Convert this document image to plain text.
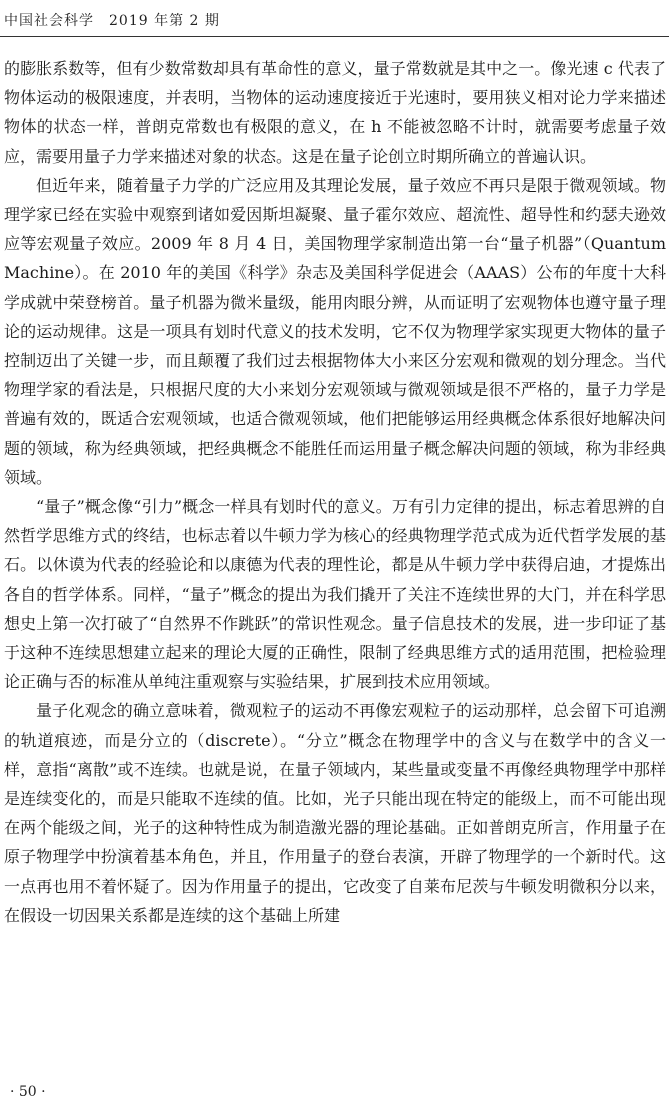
中国社会科学　2019 年第 2 期

的膨胀系数等，但有少数常数却具有革命性的意义，量子常数就是其中之一。像光速 c 代表了物体运动的极限速度，并表明，当物体的运动速度接近于光速时，要用狭义相对论力学来描述物体的状态一样，普朗克常数也有极限的意义，在 h 不能被忽略不计时，就需要考虑量子效应，需要用量子力学来描述对象的状态。这是在量子论创立时期所确立的普遍认识。

但近年来，随着量子力学的广泛应用及其理论发展，量子效应不再只是限于微观领域。物理学家已经在实验中观察到诸如爱因斯坦凝聚、量子霍尔效应、超流性、超导性和约瑟夫逊效应等宏观量子效应。2009 年 8 月 4 日，美国物理学家制造出第一台“量子机器”（Quantum Machine）。在 2010 年的美国《科学》杂志及美国科学促进会（AAAS）公布的年度十大科学成就中荣登榜首。量子机器为微米量级，能用肉眼分辨，从而证明了宏观物体也遵守量子理论的运动规律。这是一项具有划时代意义的技术发明，它不仅为物理学家实现更大物体的量子控制迈出了关键一步，而且颠覆了我们过去根据物体大小来区分宏观和微观的划分理念。当代物理学家的看法是，只根据尺度的大小来划分宏观领域与微观领域是很不严格的，量子力学是普遍有效的，既适合宏观领域，也适合微观领域，他们把能够运用经典概念体系很好地解决问题的领域，称为经典领域，把经典概念不能胜任而运用量子概念解决问题的领域，称为非经典领域。

“量子”概念像“引力”概念一样具有划时代的意义。万有引力定律的提出，标志着思辨的自然哲学思维方式的终结，也标志着以牛顿力学为核心的经典物理学范式成为近代哲学发展的基石。以休谟为代表的经验论和以康德为代表的理性论，都是从牛顿力学中获得启迪，才提炼出各自的哲学体系。同样，“量子”概念的提出为我们撬开了关注不连续世界的大门，并在科学思想史上第一次打破了“自然界不作跳跃”的常识性观念。量子信息技术的发展，进一步印证了基于这种不连续思想建立起来的理论大厦的正确性，限制了经典思维方式的适用范围，把检验理论正确与否的标准从单纯注重观察与实验结果，扩展到技术应用领域。

量子化观念的确立意味着，微观粒子的运动不再像宏观粒子的运动那样，总会留下可追溯的轨道痕迹，而是分立的（discrete）。“分立”概念在物理学中的含义与在数学中的含义一样，意指“离散”或不连续。也就是说，在量子领域内，某些量或变量不再像经典物理学中那样是连续变化的，而是只能取不连续的值。比如，光子只能出现在特定的能级上，而不可能出现在两个能级之间，光子的这种特性成为制造激光器的理论基础。正如普朗克所言，作用量子在原子物理学中扮演着基本角色，并且，作用量子的登台表演，开辟了物理学的一个新时代。这一点再也用不着怀疑了。因为作用量子的提出，它改变了自莱布尼茨与牛顿发明微积分以来，在假设一切因果关系都是连续的这个基础上所建

· 50 ·
